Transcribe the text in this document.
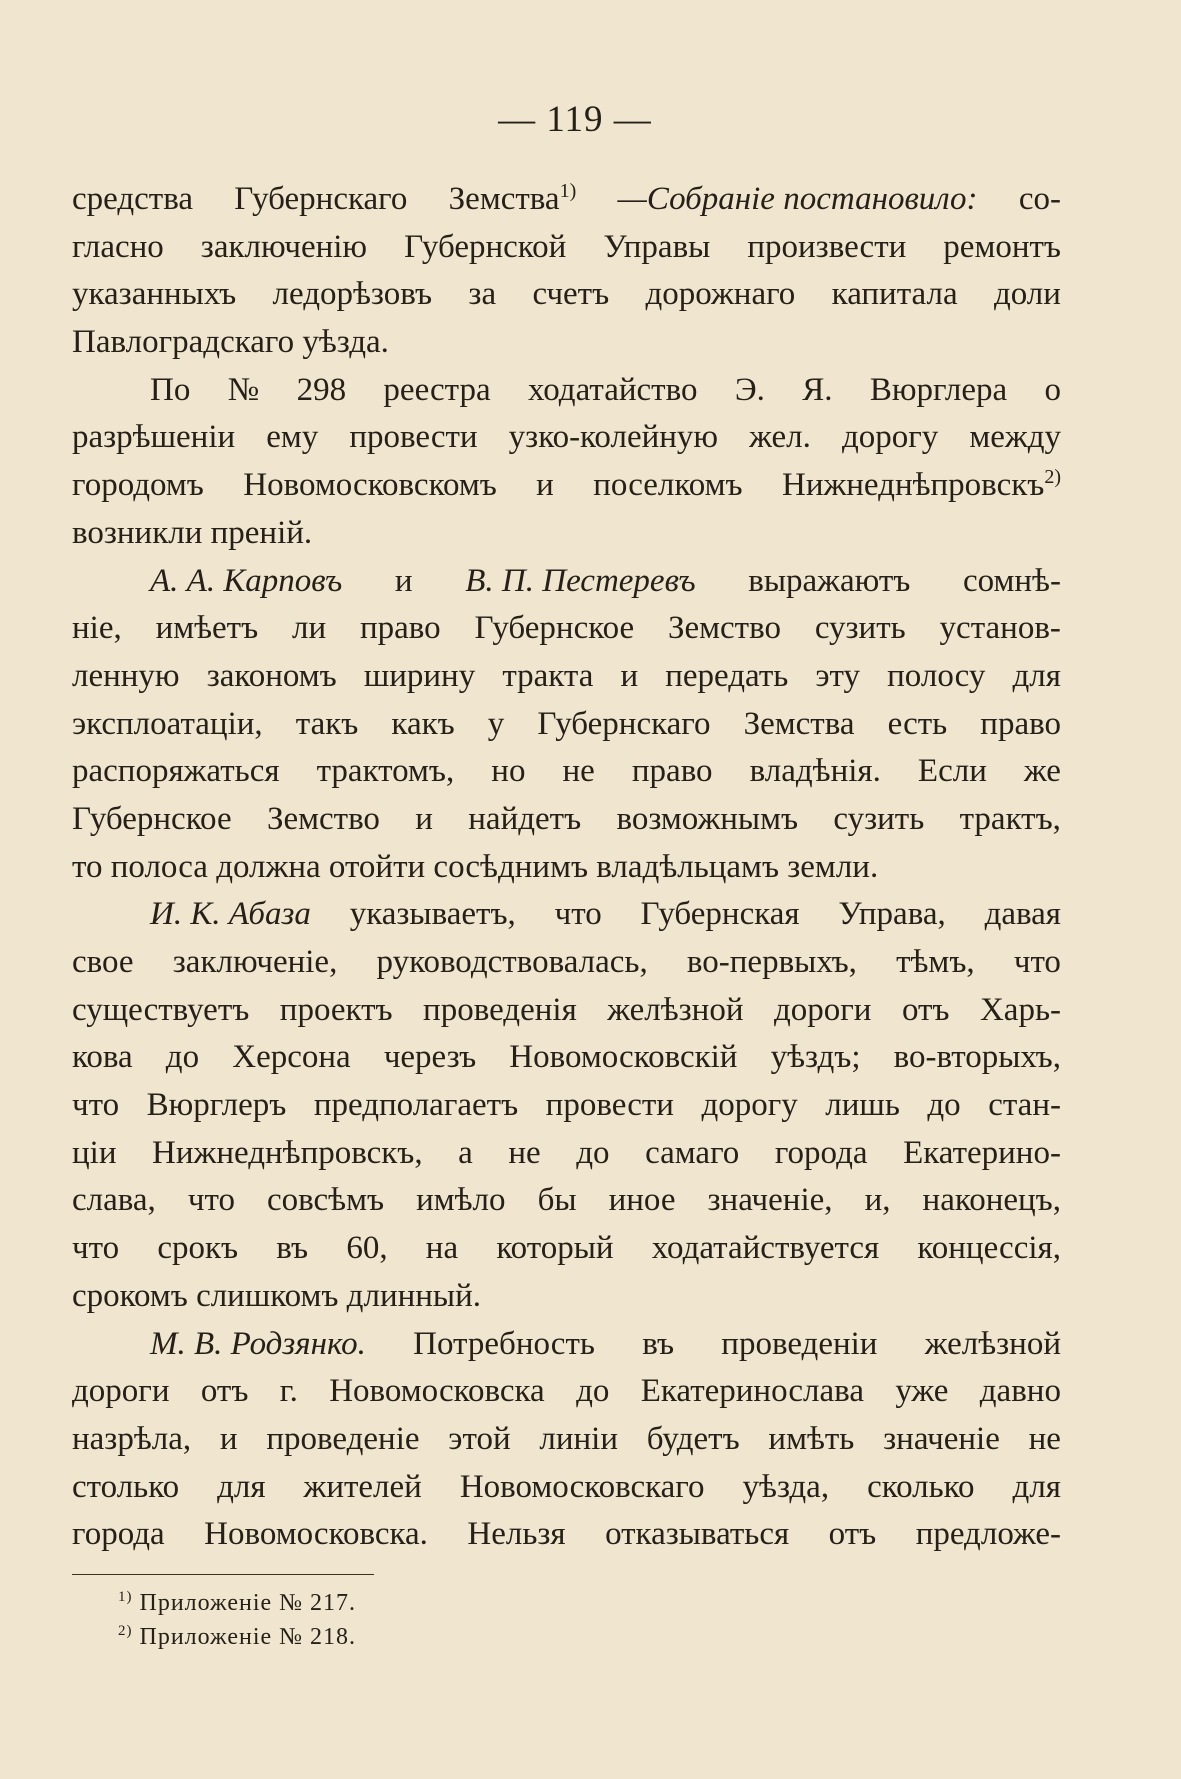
— 119 —
средства Губернскаго Земства$^{1)}$ —Собраніе постановило: со-
гласно заключенію Губернской Управы произвести ремонтъ
указанныхъ ледорѣзовъ за счетъ дорожнаго капитала доли
Павлоградскаго уѣзда.
По № 298 реестра ходатайство Э. Я. Вюрглера о
разрѣшеніи ему провести узко-колейную жел. дорогу между
городомъ Новомосковскомъ и поселкомъ Нижнеднѣпровскъ$^{2)}$
возникли преній.
А. А. Карповъ и В. П. Пестеревъ выражаютъ сомнѣ-
ніе, имѣетъ ли право Губернское Земство сузить установ-
ленную закономъ ширину тракта и передать эту полосу для
эксплоатаціи, такъ какъ у Губернскаго Земства есть право
распоряжаться трактомъ, но не право владѣнія. Если же
Губернское Земство и найдетъ возможнымъ сузить трактъ,
то полоса должна отойти сосѣднимъ владѣльцамъ земли.
И. К. Абаза указываетъ, что Губернская Управа, давая
свое заключеніе, руководствовалась, во-первыхъ, тѣмъ, что
существуетъ проектъ проведенія желѣзной дороги отъ Харь-
кова до Херсона черезъ Новомосковскій уѣздъ; во-вторыхъ,
что Вюрглеръ предполагаетъ провести дорогу лишь до стан-
ціи Нижнеднѣпровскъ, а не до самаго города Екатерино-
слава, что совсѣмъ имѣло бы иное значеніе, и, наконецъ,
что срокъ въ 60, на который ходатайствуется концессія,
срокомъ слишкомъ длинный.
М. В. Родзянко. Потребность въ проведеніи желѣзной
дороги отъ г. Новомосковска до Екатеринослава уже давно
назрѣла, и проведеніе этой линіи будетъ имѣть значеніе не
столько для жителей Новомосковскаго уѣзда, сколько для
города Новомосковска. Нельзя отказываться отъ предложе-
$^{1)}$ Приложеніе № 217.
$^{2)}$ Приложеніе № 218.
